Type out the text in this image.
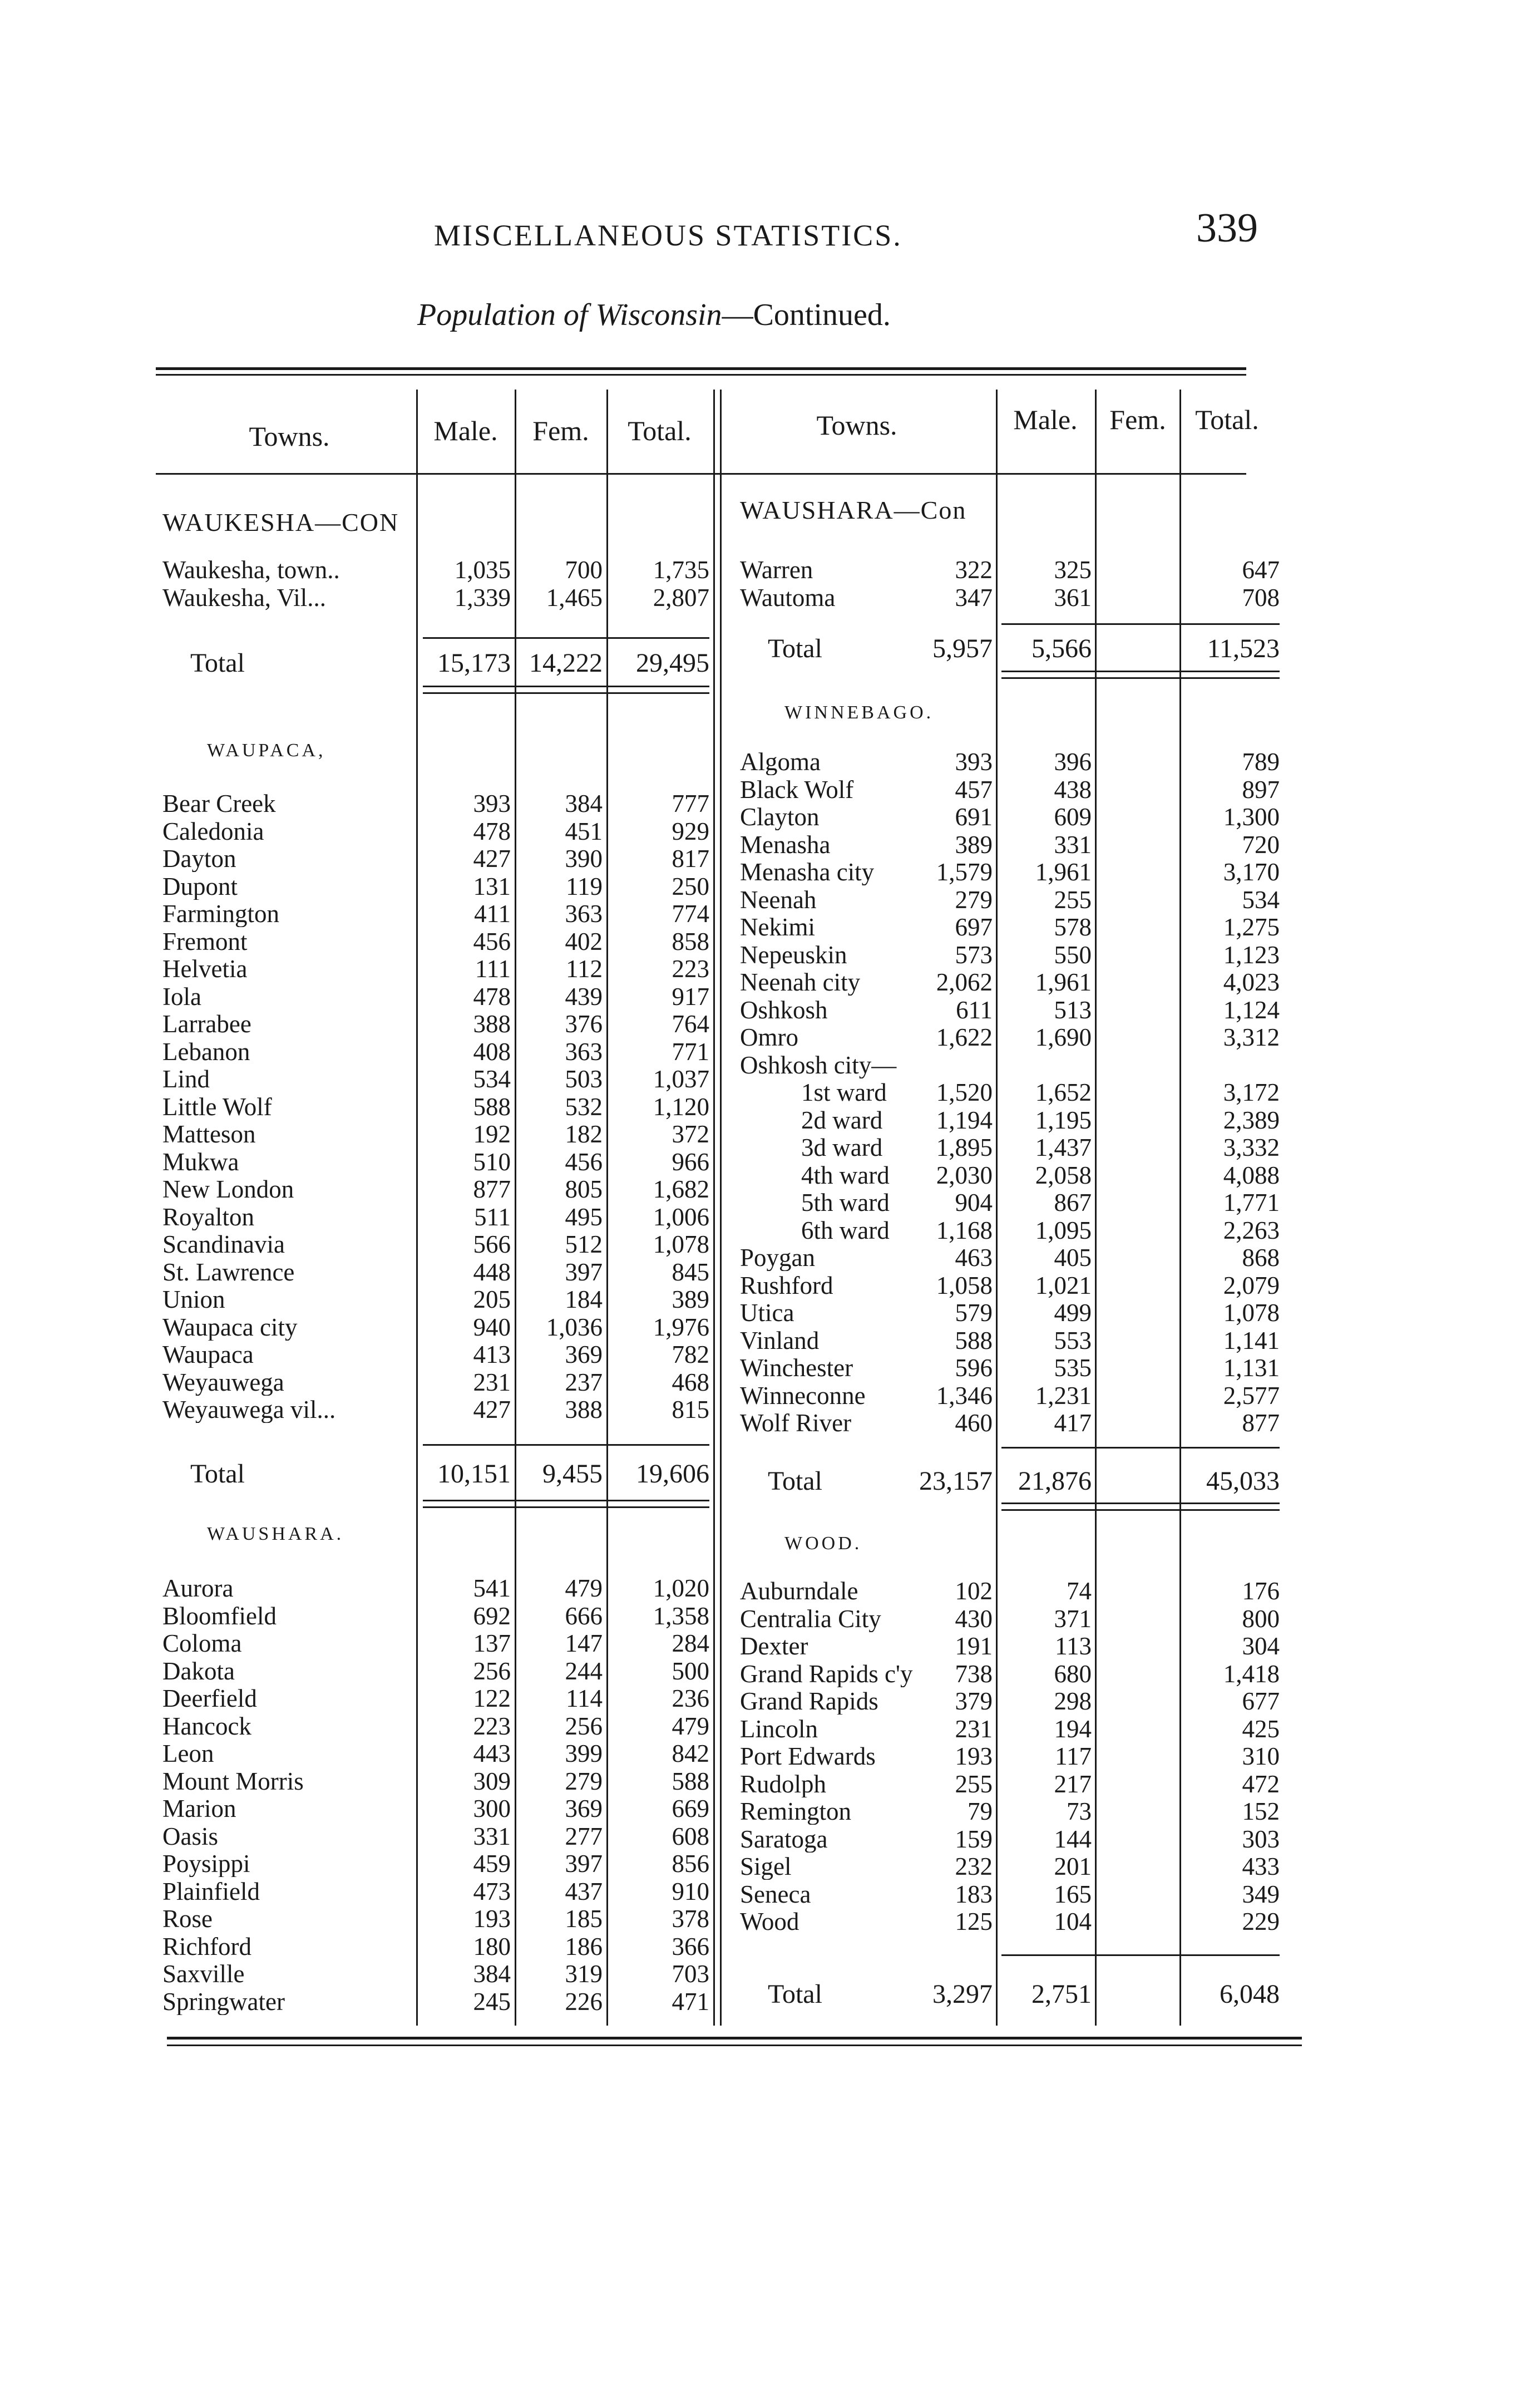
MISCELLANEOUS STATISTICS.	339
Population of Wisconsin—Continued.
Towns.	Male.	Fem.	Total.	Towns.	Male.	Fem.	Total.
WAUKESHA—CON
Waukesha, town..	1,035	700	1,735
Waukesha, Vil...	1,339	1,465	2,807
Total	15,173 14,222	29,495
WAUPACA,
Bear Creek	393	384	777
Caledonia	478	451	929
Dayton	427	390	817
Dupont	131	119	250
Farmington	411	363	774
Fremont	456	402	858
Helvetia	111	112	223
Iola	478	439	917
Larrabee	388	376	764
Lebanon	408	363	771
Lind	534	503	1,037
Little Wolf	588	532	1,120
Matteson	192	182	372
Mukwa	510	456	966
New London	877	805	1,682
Royalton	511	495	1,006
Scandinavia	566	512	1,078
St. Lawrence	448	397	845
Union	205	184	389
Waupaca city	940	1,036	1,976
Waupaca	413	369	782
Weyauwega	231	237	468
Weyauwega vil...	427	388	815
Total	10,151	9,455	19,606
WAUSHARA.
Aurora	541	479	1,020
Bloomfield	692	666	1,358
Coloma	137	147	284
Dakota	256	244	500
Deerfield	122	114	236
Hancock	223	256	479
Leon	443	399	842
Mount Morris	309	279	588
Marion	300	369	669
Oasis	331	277	608
Poysippi	459	397	856
Plainfield	473	437	910
Rose	193	185	378
Richford	180	186	366
Saxville	384	319	703
Springwater	245	226	471
WAUSHARA—Con
Warren	322	325	647
Wautoma	347	361	708
Total	5,957	5,566	11,523
WINNEBAGO.
Algoma	393	396	789
Black Wolf	457	438	897
Clayton	691	609	1,300
Menasha	389	331	720
Menasha city	1,579	1,961	3,170
Neenah	279	255	534
Nekimi	697	578	1,275
Nepeuskin	573	550	1,123
Neenah city	2,062	1,961	4,023
Oshkosh	611	513	1,124
Omro	1,622	1,690	3,312
Oshkosh city—
1st ward	1,520	1,652	3,172
2d ward	1,194	1,195	2,389
3d ward	1,895	1,437	3,332
4th ward	2,030	2,058	4,088
5th ward	904	867	1,771
6th ward	1,168	1,095	2,263
Poygan	463	405	868
Rushford	1,058	1,021	2,079
Utica	579	499	1,078
Vinland	588	553	1,141
Winchester	596	535	1,131
Winneconne	1,346	1,231	2,577
Wolf River	460	417	877
Total	23,157 21,876	45,033
WOOD.
Auburndale	102	74	176
Centralia City	430	371	800
Dexter	191	113	304
Grand Rapids c'y	738	680	1,418
Grand Rapids	379	298	677
Lincoln	231	194	425
Port Edwards	193	117	310
Rudolph	255	217	472
Remington	79	73	152
Saratoga	159	144	303
Sigel	232	201	433
Seneca	183	165	349
Wood	125	104	229
Total	3,297	2,751	6,048
